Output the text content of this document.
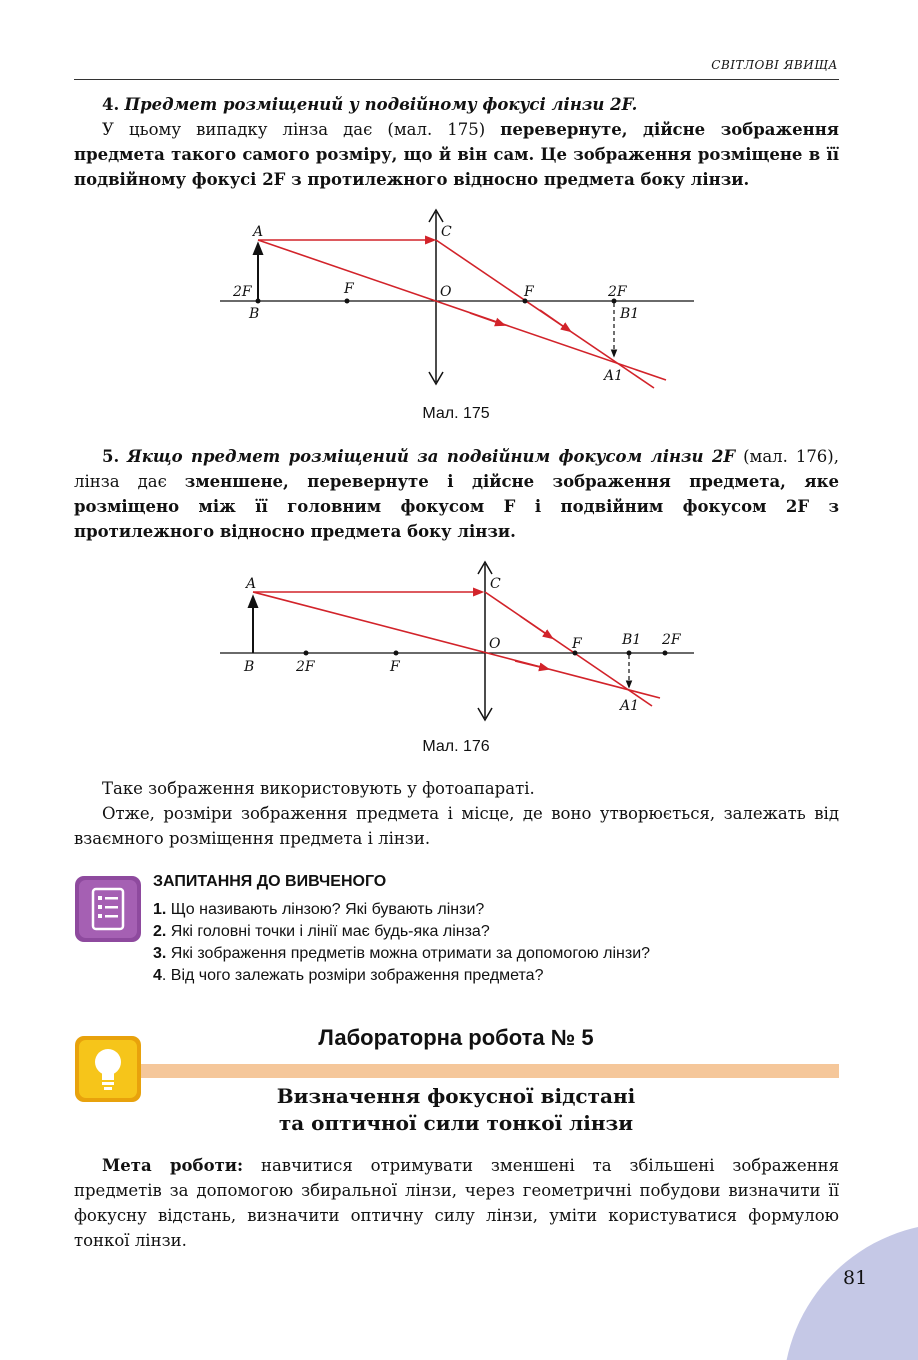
СВІТЛОВІ ЯВИЩА

4. Предмет розміщений у подвійному фокусі лінзи 2F.

У цьому випадку лінза дає (мал. 175) перевернуте, дійсне зображення предмета такого самого розміру, що й він сам. Це зображення розміщене в її подвійному фокусі 2F з протилежного відносно предмета боку лінзи.

A	C
2F	F	O	F	2F
B	B1
A1
Мал. 175

5. Якщо предмет розміщений за подвійним фокусом лінзи 2F (мал. 176), лінза дає зменшене, перевернуте і дійсне зображення предмета, яке розміщено між її головним фокусом F і подвійним фокусом 2F з протилежного відносно предмета боку лінзи.

A	C
B	2F	F
O	F	B1 2F
A1
Мал. 176

Таке зображення використовують у фотоапараті.

Отже, розміри зображення предмета і місце, де воно утворюється, залежать від взаємного розміщення предмета і лінзи.

ЗАПИТАННЯ ДО ВИВЧЕНОГО
1. Що називають лінзою? Які бувають лінзи?
2. Які головні точки і лінії має будь-яка лінза?
3. Які зображення предметів можна отримати за допомогою лінзи?
4. Від чого залежать розміри зображення предмета?
Лабораторна робота № 5
Визначення фокусної відстані
та оптичної сили тонкої лінзи

Мета роботи: навчитися отримувати зменшені та збільшені зображення предметів за допомогою збиральної лінзи, через геометричні побудови визначити її фокусну відстань, визначити оптичну силу лінзи, уміти користуватися формулою тонкої лінзи.

81
